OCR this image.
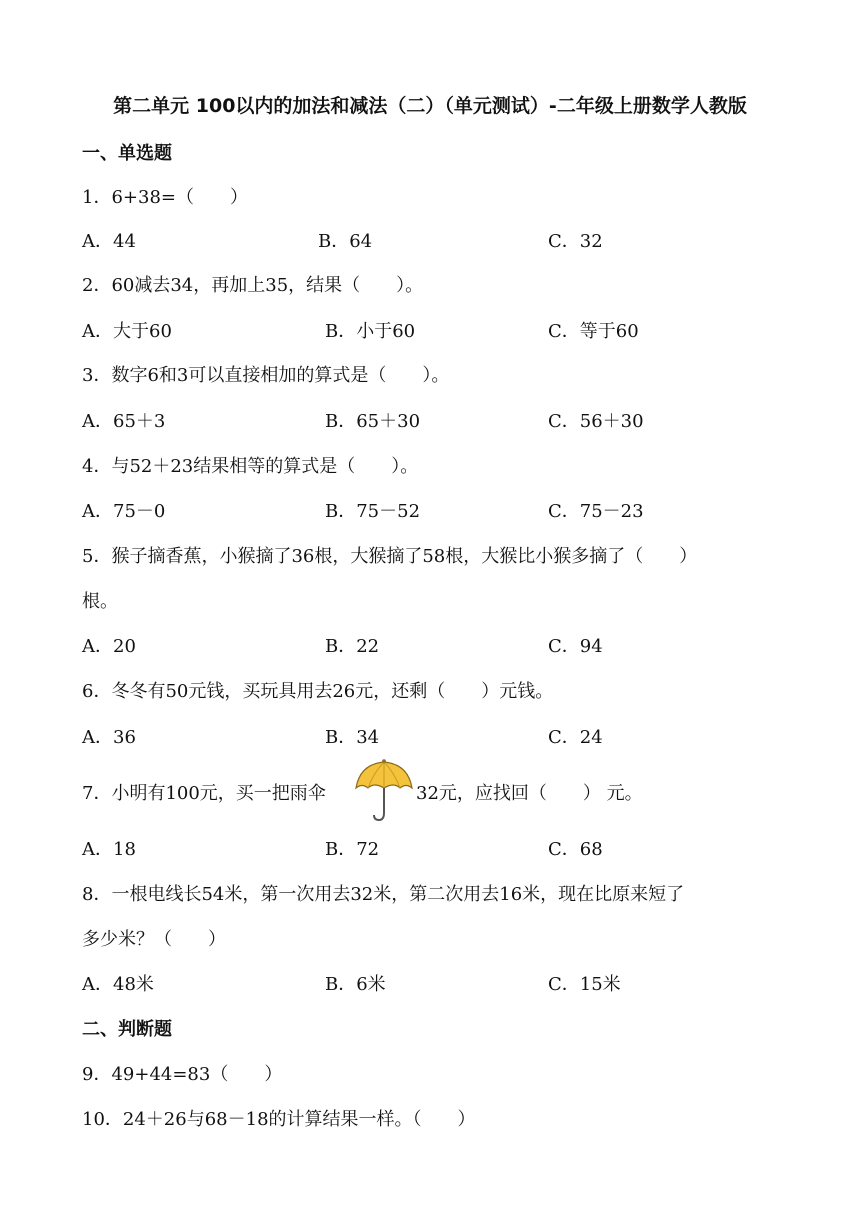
第二单元 100以内的加法和减法（二）（单元测试）-二年级上册数学人教版
一、单选题
1．6+38=（　　）
A．44	B．64	C．32
2．60减去34，再加上35，结果（　　）。
A．大于60	B．小于60	C．等于60
3．数字6和3可以直接相加的算式是（　　）。
A．65＋3	B．65＋30	C．56＋30
4．与52＋23结果相等的算式是（　　）。
A．75－0	B．75－52	C．75－23
5．猴子摘香蕉，小猴摘了36根，大猴摘了58根，大猴比小猴多摘了（　　）
根。
A．20	B．22	C．94
6．冬冬有50元钱，买玩具用去26元，还剩（　　）元钱。
A．36	B．34	C．24
7．小明有100元，买一把雨伞	32元，应找回（　　） 元。
A．18	B．72	C．68
8．一根电线长54米，第一次用去32米，第二次用去16米，现在比原来短了
多少米？（　　）
A．48米	B．6米	C．15米
二、判断题
9．49+44=83（　　）
10．24＋26与68－18的计算结果一样。（　　）
